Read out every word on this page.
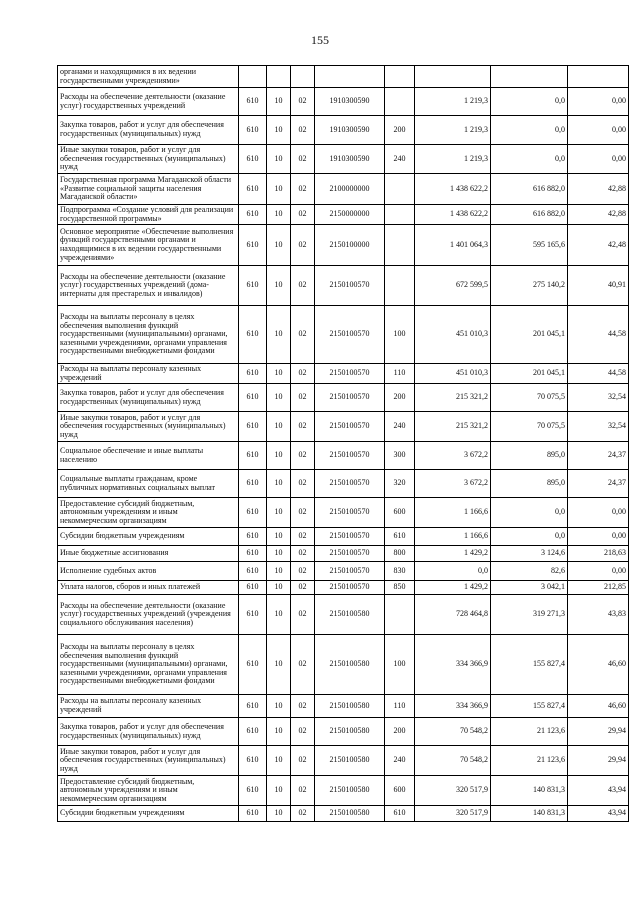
155
органами и находящимися в их ведении государственными учреждениями»								
Расходы на обеспечение деятельности (оказание услуг) государственных учреждений	610	10	02	1910300590		1 219,3	0,0	0,00
Закупка товаров, работ и услуг для обеспечения государственных (муниципальных) нужд	610	10	02	1910300590	200	1 219,3	0,0	0,00
Иные закупки товаров, работ и услуг для обеспечения государственных (муниципальных) нужд	610	10	02	1910300590	240	1 219,3	0,0	0,00
Государственная программа Магаданской области «Развитие социальной защиты населения Магаданской области»	610	10	02	2100000000		1 438 622,2	616 882,0	42,88
Подпрограмма «Создание условий для реализации государственной программы»	610	10	02	2150000000		1 438 622,2	616 882,0	42,88
Основное мероприятие «Обеспечение выполнения функций государственными органами и находящимися в их ведении государственными учреждениями»	610	10	02	2150100000		1 401 064,3	595 165,6	42,48
Расходы на обеспечение деятельности (оказание услуг) государственных учреждений (дома-интернаты для престарелых и инвалидов)	610	10	02	2150100570		672 599,5	275 140,2	40,91
Расходы на выплаты персоналу в целях обеспечения выполнения функций государственными (муниципальными) органами, казенными учреждениями, органами управления государственными внебюджетными фондами	610	10	02	2150100570	100	451 010,3	201 045,1	44,58
Расходы на выплаты персоналу казенных учреждений	610	10	02	2150100570	110	451 010,3	201 045,1	44,58
Закупка товаров, работ и услуг для обеспечения государственных (муниципальных) нужд	610	10	02	2150100570	200	215 321,2	70 075,5	32,54
Иные закупки товаров, работ и услуг для обеспечения государственных (муниципальных) нужд	610	10	02	2150100570	240	215 321,2	70 075,5	32,54
Социальное обеспечение и иные выплаты населению	610	10	02	2150100570	300	3 672,2	895,0	24,37
Социальные выплаты гражданам, кроме публичных нормативных социальных выплат	610	10	02	2150100570	320	3 672,2	895,0	24,37
Предоставление субсидий бюджетным, автономным учреждениям и иным некоммерческим организациям	610	10	02	2150100570	600	1 166,6	0,0	0,00
Субсидии бюджетным учреждениям	610	10	02	2150100570	610	1 166,6	0,0	0,00
Иные бюджетные ассигнования	610	10	02	2150100570	800	1 429,2	3 124,6	218,63
Исполнение судебных актов	610	10	02	2150100570	830	0,0	82,6	0,00
Уплата налогов, сборов и иных платежей	610	10	02	2150100570	850	1 429,2	3 042,1	212,85
Расходы на обеспечение деятельности (оказание услуг) государственных учреждений (учреждения социального обслуживания населения)	610	10	02	2150100580		728 464,8	319 271,3	43,83
Расходы на выплаты персоналу в целях обеспечения выполнения функций государственными (муниципальными) органами, казенными учреждениями, органами управления государственными внебюджетными фондами	610	10	02	2150100580	100	334 366,9	155 827,4	46,60
Расходы на выплаты персоналу казенных учреждений	610	10	02	2150100580	110	334 366,9	155 827,4	46,60
Закупка товаров, работ и услуг для обеспечения государственных (муниципальных) нужд	610	10	02	2150100580	200	70 548,2	21 123,6	29,94
Иные закупки товаров, работ и услуг для обеспечения государственных (муниципальных) нужд	610	10	02	2150100580	240	70 548,2	21 123,6	29,94
Предоставление субсидий бюджетным, автономным учреждениям и иным некоммерческим организациям	610	10	02	2150100580	600	320 517,9	140 831,3	43,94
Субсидии бюджетным учреждениям	610	10	02	2150100580	610	320 517,9	140 831,3	43,94
